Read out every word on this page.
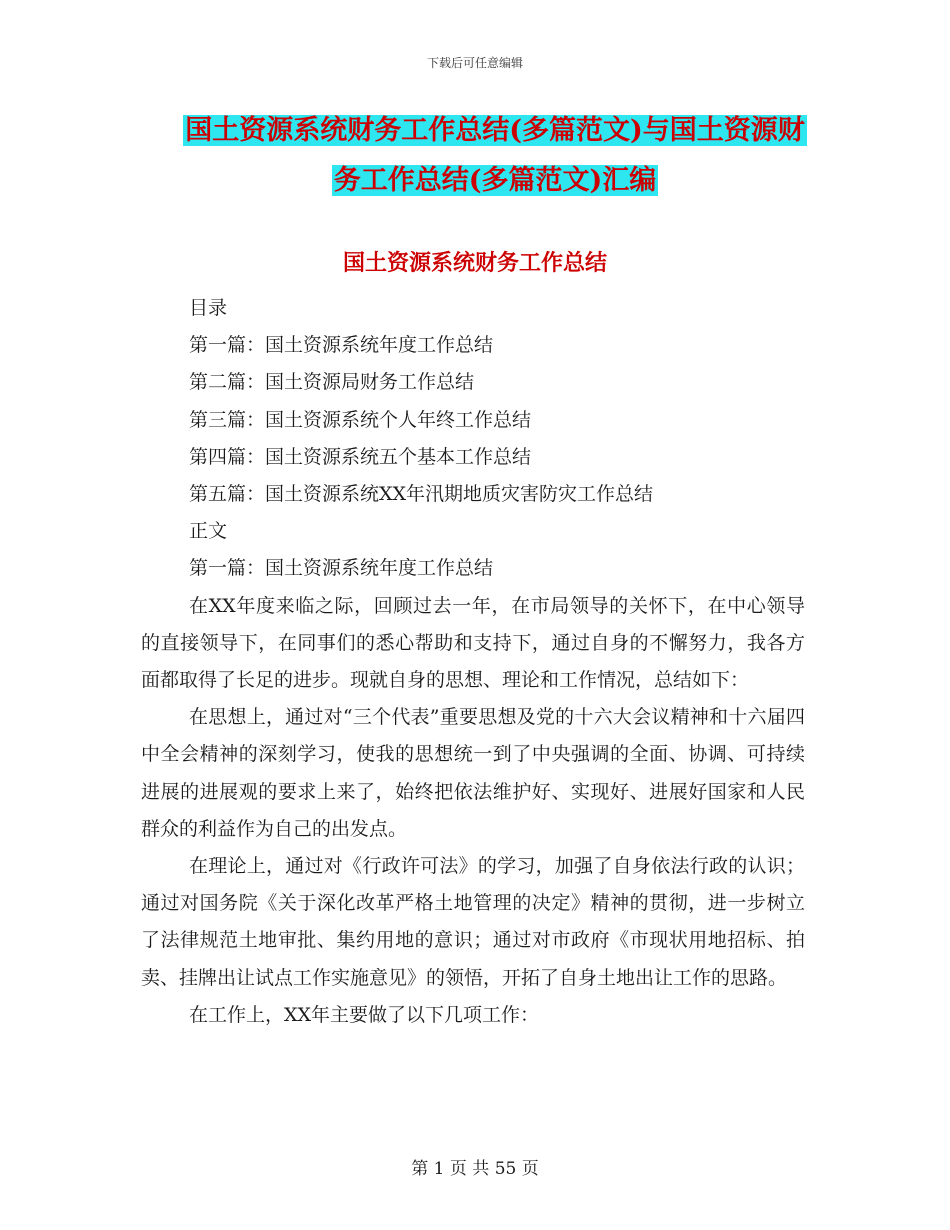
下载后可任意编辑
国土资源系统财务工作总结(多篇范文)与国土资源财
务工作总结(多篇范文)汇编
国土资源系统财务工作总结
目录
第一篇：国土资源系统年度工作总结
第二篇：国土资源局财务工作总结
第三篇：国土资源系统个人年终工作总结
第四篇：国土资源系统五个基本工作总结
第五篇：国土资源系统XX年汛期地质灾害防灾工作总结
正文
第一篇：国土资源系统年度工作总结
在XX年度来临之际，回顾过去一年，在市局领导的关怀下，在中心领导的直接领导下，在同事们的悉心帮助和支持下，通过自身的不懈努力，我各方面都取得了长足的进步。现就自身的思想、理论和工作情况，总结如下：
在思想上，通过对“三个代表”重要思想及党的十六大会议精神和十六届四中全会精神的深刻学习，使我的思想统一到了中央强调的全面、协调、可持续进展的进展观的要求上来了，始终把依法维护好、实现好、进展好国家和人民群众的利益作为自己的出发点。
在理论上，通过对《行政许可法》的学习，加强了自身依法行政的认识；通过对国务院《关于深化改革严格土地管理的决定》精神的贯彻，进一步树立了法律规范土地审批、集约用地的意识；通过对市政府《市现状用地招标、拍卖、挂牌出让试点工作实施意见》的领悟，开拓了自身土地出让工作的思路。
在工作上，XX年主要做了以下几项工作：
第 1 页 共 55 页
